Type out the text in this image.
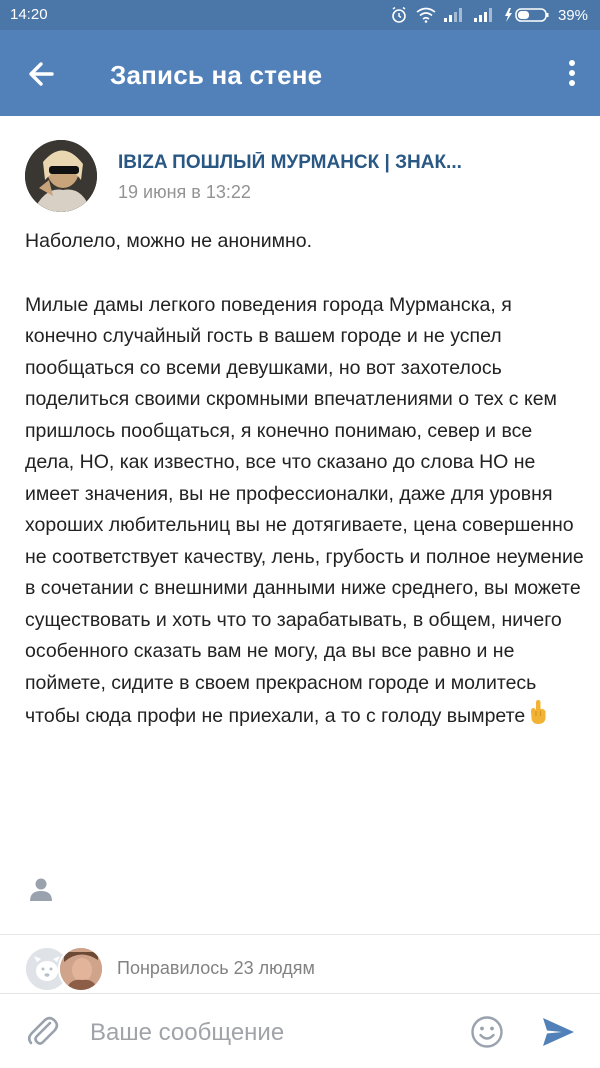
14:20	39%
Запись на стене
IBIZA ПОШЛЫЙ МУРМАНСК | ЗНАК...
19 июня в 13:22

Наболело, можно не анонимно.

Милые дамы легкого поведения города Мурманска, я конечно случайный гость в вашем городе и не успел пообщаться со всеми девушками, но вот захотелось поделиться своими скромными впечатлениями о тех с кем пришлось пообщаться, я конечно понимаю, север и все дела, НО, как известно, все что сказано до слова НО не имеет значения, вы не профессионалки, даже для уровня хороших любительниц вы не дотягиваете, цена совершенно не соответствует качеству, лень, грубость и полное неумение в сочетании с внешними данными ниже среднего, вы можете существовать и хоть что то зарабатывать, в общем, ничего особенного сказать вам не могу, да вы все равно и не поймете, сидите в своем прекрасном городе и молитесь чтобы сюда профи не приехали, а то с голоду вымрете

Понравилось 23 людям
Ваше сообщение
